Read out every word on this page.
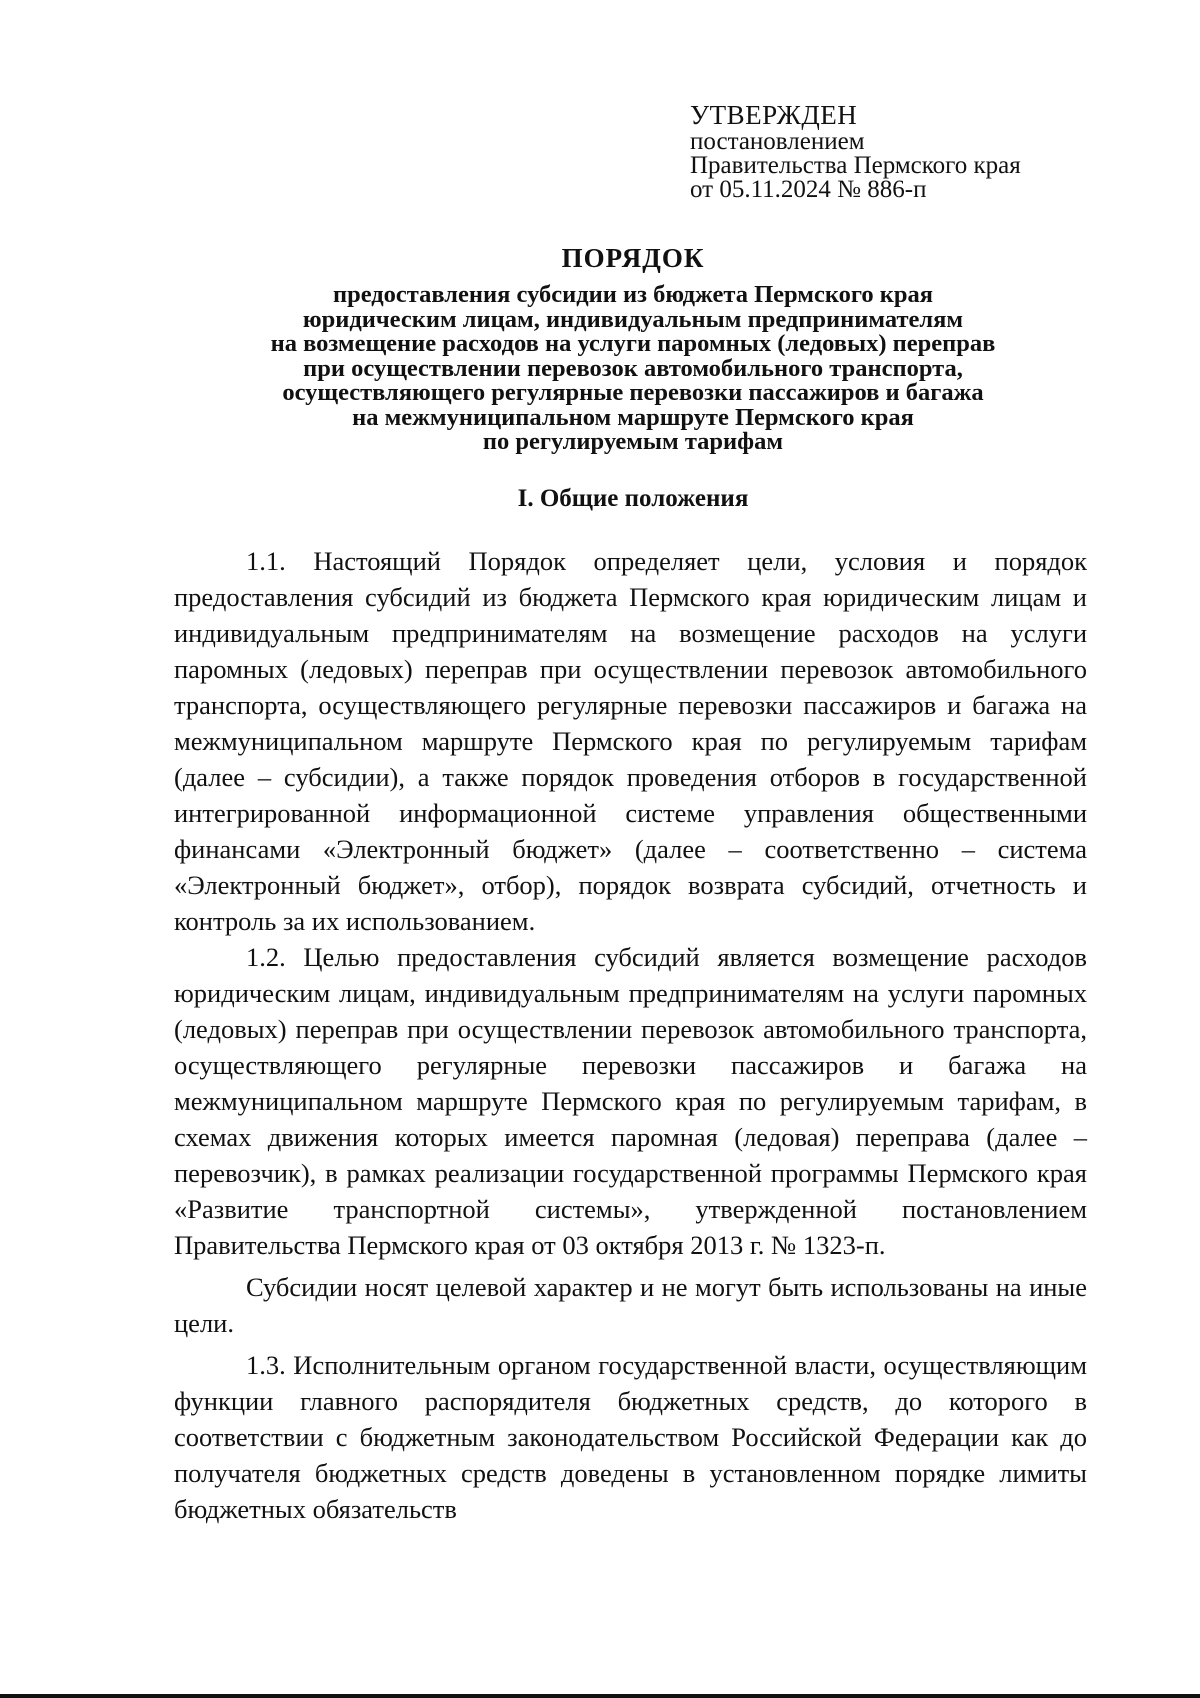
УТВЕРЖДЕН
постановлением
Правительства Пермского края
от 05.11.2024 № 886-п
ПОРЯДОК
предоставления субсидии из бюджета Пермского края
юридическим лицам, индивидуальным предпринимателям
на возмещение расходов на услуги паромных (ледовых) переправ
при осуществлении перевозок автомобильного транспорта,
осуществляющего регулярные перевозки пассажиров и багажа
на межмуниципальном маршруте Пермского края
по регулируемым тарифам
I. Общие положения

1.1. Настоящий Порядок определяет цели, условия и порядок предоставления субсидий из бюджета Пермского края юридическим лицам и индивидуальным предпринимателям на возмещение расходов на услуги паромных (ледовых) переправ при осуществлении перевозок автомобильного транспорта, осуществляющего регулярные перевозки пассажиров и багажа на межмуниципальном маршруте Пермского края по регулируемым тарифам (далее – субсидии), а также порядок проведения отборов в государственной интегрированной информационной системе управления общественными финансами «Электронный бюджет» (далее – соответственно – система «Электронный бюджет», отбор), порядок возврата субсидий, отчетность и контроль за их использованием.

1.2. Целью предоставления субсидий является возмещение расходов юридическим лицам, индивидуальным предпринимателям на услуги паромных (ледовых) переправ при осуществлении перевозок автомобильного транспорта, осуществляющего регулярные перевозки пассажиров и багажа на межмуниципальном маршруте Пермского края по регулируемым тарифам, в схемах движения которых имеется паромная (ледовая) переправа (далее – перевозчик), в рамках реализации государственной программы Пермского края «Развитие транспортной системы», утвержденной постановлением Правительства Пермского края от 03 октября 2013 г. № 1323-п.

Субсидии носят целевой характер и не могут быть использованы на иные цели.

1.3. Исполнительным органом государственной власти, осуществляющим функции главного распорядителя бюджетных средств, до которого в соответствии с бюджетным законодательством Российской Федерации как до получателя бюджетных средств доведены в установленном порядке лимиты бюджетных обязательств
